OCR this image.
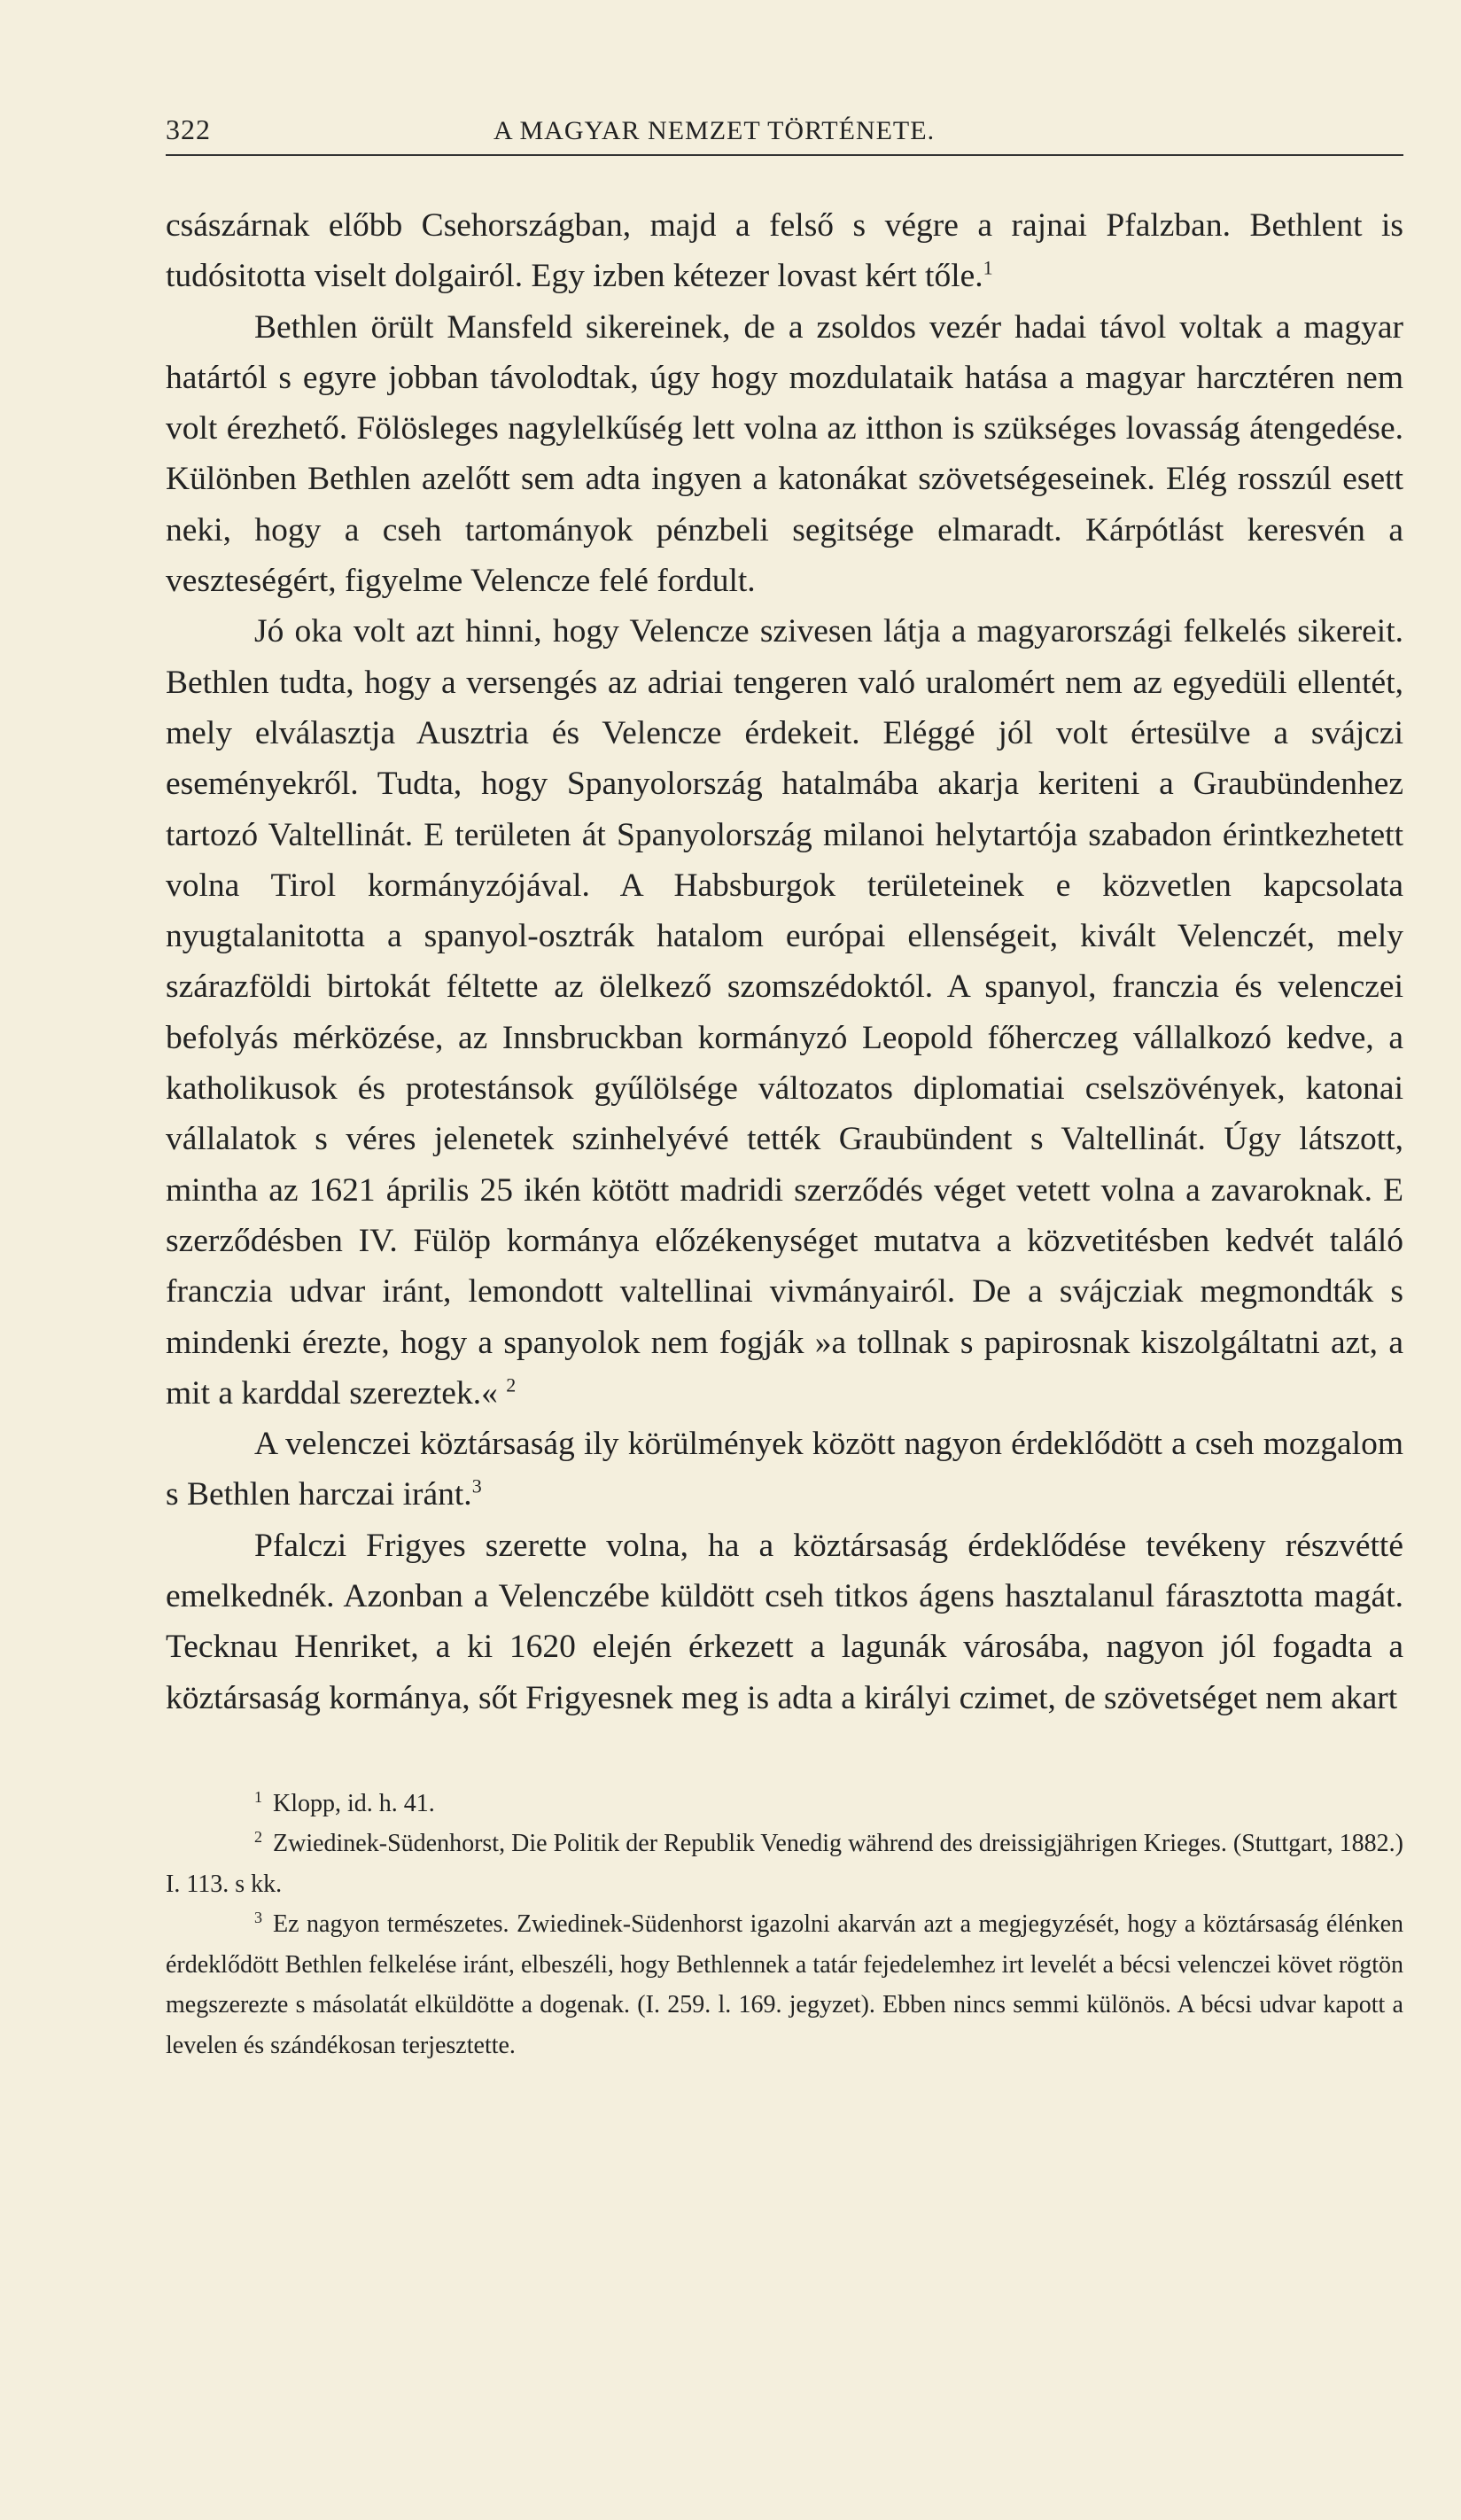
322	A MAGYAR NEMZET TÖRTÉNETE.

császárnak előbb Csehországban, majd a felső s végre a rajnai Pfalzban. Bethlent is tudósitotta viselt dolgairól. Egy izben kétezer lovast kért tőle.$^1$

Bethlen örült Mansfeld sikereinek, de a zsoldos vezér hadai távol voltak a magyar határtól s egyre jobban távolodtak, úgy hogy mozdulataik hatása a magyar harcztéren nem volt érezhető. Fölösleges nagylelkűség lett volna az itthon is szükséges lovasság átengedése. Különben Bethlen azelőtt sem adta ingyen a katonákat szövetségeseinek. Elég rosszúl esett neki, hogy a cseh tartományok pénzbeli segitsége elmaradt. Kárpótlást keresvén a veszteségért, figyelme Velencze felé fordult.

Jó oka volt azt hinni, hogy Velencze szivesen látja a magyarországi felkelés sikereit. Bethlen tudta, hogy a versengés az adriai tengeren való uralomért nem az egyedüli ellentét, mely elválasztja Ausztria és Velencze érdekeit. Eléggé jól volt értesülve a svájczi eseményekről. Tudta, hogy Spanyolország hatalmába akarja keriteni a Graubündenhez tartozó Valtellinát. E területen át Spanyolország milanoi helytartója szabadon érintkezhetett volna Tirol kormányzójával. A Habsburgok területeinek e közvetlen kapcsolata nyugtalanitotta a spanyol-osztrák hatalom európai ellenségeit, kivált Velenczét, mely szárazföldi birtokát féltette az ölelkező szomszédoktól. A spanyol, franczia és velenczei befolyás mérközése, az Innsbruckban kormányzó Leopold főherczeg vállalkozó kedve, a katholikusok és protestánsok gyűlölsége változatos diplomatiai cselszövények, katonai vállalatok s véres jelenetek szinhelyévé tették Graubündent s Valtellinát. Úgy látszott, mintha az 1621 április 25 ikén kötött madridi szerződés véget vetett volna a zavaroknak. E szerződésben IV. Fülöp kormánya előzékenységet mutatva a közvetitésben kedvét találó franczia udvar iránt, lemondott valtellinai vivmányairól. De a svájcziak megmondták s mindenki érezte, hogy a spanyolok nem fogják »a tollnak s papirosnak kiszolgáltatni azt, a mit a karddal szereztek.« $^2$

A velenczei köztársaság ily körülmények között nagyon érdeklődött a cseh mozgalom s Bethlen harczai iránt.$^3$

Pfalczi Frigyes szerette volna, ha a köztársaság érdeklődése tevékeny részvétté emelkednék. Azonban a Velenczébe küldött cseh titkos ágens hasztalanul fárasztotta magát. Tecknau Henriket, a ki 1620 elején érkezett a lagunák városába, nagyon jól fogadta a köztársaság kormánya, sőt Frigyesnek meg is adta a királyi czimet, de szövetséget nem akart

$^1$ Klopp, id. h. 41.

$^2$ Zwiedinek-Südenhorst, Die Politik der Republik Venedig während des dreissigjährigen Krieges. (Stuttgart, 1882.) I. 113. s kk.

$^3$ Ez nagyon természetes. Zwiedinek-Südenhorst igazolni akarván azt a megjegyzését, hogy a köztársaság élénken érdeklődött Bethlen felkelése iránt, elbeszéli, hogy Bethlennek a tatár fejedelemhez irt levelét a bécsi velenczei követ rögtön megszerezte s másolatát elküldötte a dogenak. (I. 259. l. 169. jegyzet). Ebben nincs semmi különös. A bécsi udvar kapott a levelen és szándékosan terjesztette.
